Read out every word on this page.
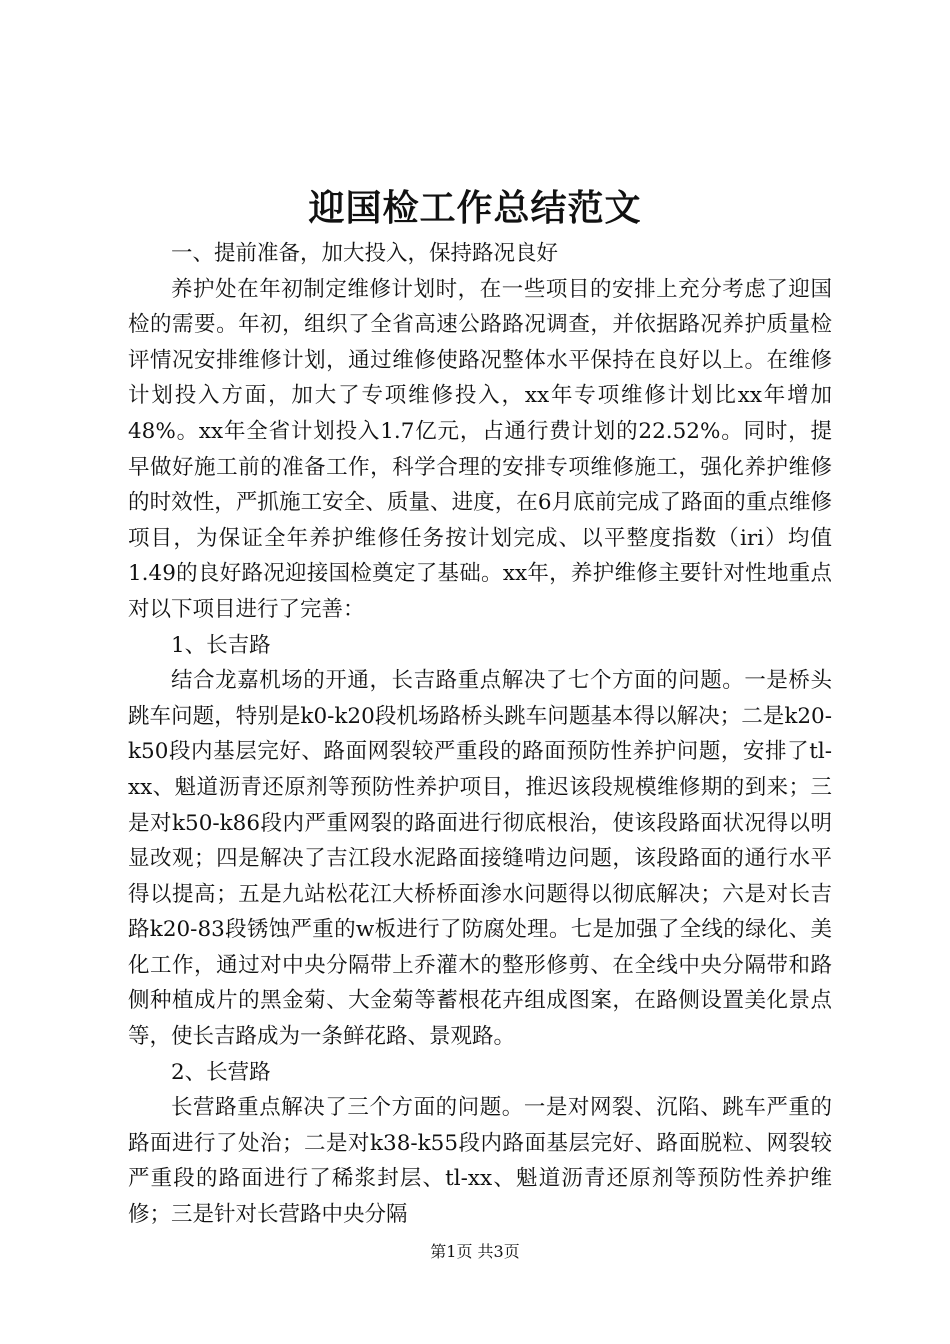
迎国检工作总结范文

一、提前准备，加大投入，保持路况良好

养护处在年初制定维修计划时，在一些项目的安排上充分考虑了迎国检的需要。年初，组织了全省高速公路路况调查，并依据路况养护质量检评情况安排维修计划，通过维修使路况整体水平保持在良好以上。在维修计划投入方面，加大了专项维修投入，xx年专项维修计划比xx年增加48%。xx年全省计划投入1.7亿元，占通行费计划的22.52%。同时，提早做好施工前的准备工作，科学合理的安排专项维修施工，强化养护维修的时效性，严抓施工安全、质量、进度，在6月底前完成了路面的重点维修项目，为保证全年养护维修任务按计划完成、以平整度指数（iri）均值1.49的良好路况迎接国检奠定了基础。xx年，养护维修主要针对性地重点对以下项目进行了完善：

1、长吉路

结合龙嘉机场的开通，长吉路重点解决了七个方面的问题。一是桥头跳车问题，特别是k0-k20段机场路桥头跳车问题基本得以解决；二是k20-k50段内基层完好、路面网裂较严重段的路面预防性养护问题，安排了tl-xx、魁道沥青还原剂等预防性养护项目，推迟该段规模维修期的到来；三是对k50-k86段内严重网裂的路面进行彻底根治，使该段路面状况得以明显改观；四是解决了吉江段水泥路面接缝啃边问题，该段路面的通行水平得以提高；五是九站松花江大桥桥面渗水问题得以彻底解决；六是对长吉路k20-83段锈蚀严重的w板进行了防腐处理。七是加强了全线的绿化、美化工作，通过对中央分隔带上乔灌木的整形修剪、在全线中央分隔带和路侧种植成片的黑金菊、大金菊等蓄根花卉组成图案，在路侧设置美化景点等，使长吉路成为一条鲜花路、景观路。

2、长营路

长营路重点解决了三个方面的问题。一是对网裂、沉陷、跳车严重的路面进行了处治；二是对k38-k55段内路面基层完好、路面脱粒、网裂较严重段的路面进行了稀浆封层、tl-xx、魁道沥青还原剂等预防性养护维修；三是针对长营路中央分隔

第1页 共3页
